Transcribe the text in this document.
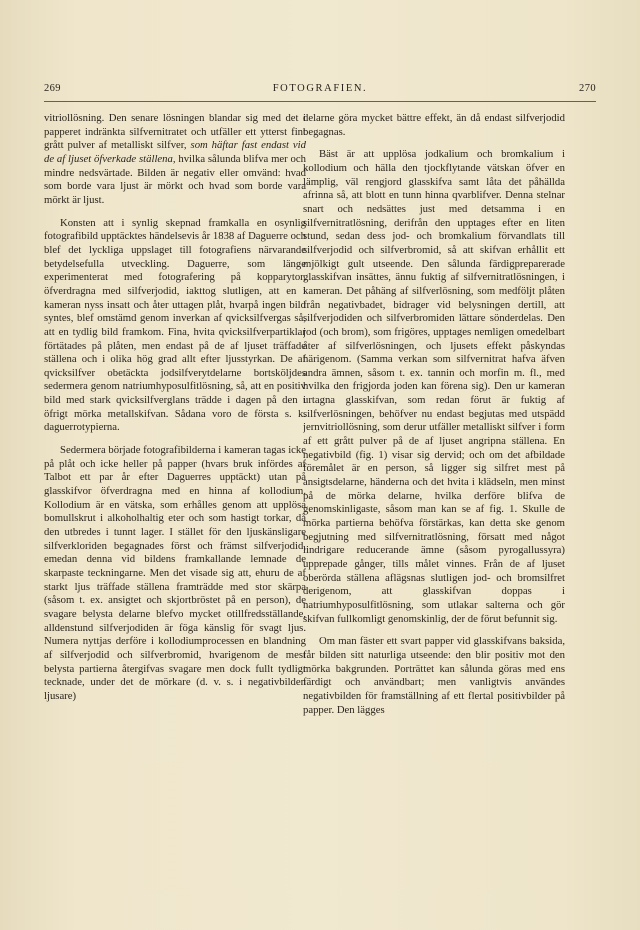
269	FOTOGRAFIEN.	270

vitriollösning. Den senare lösningen blandar sig med det i papperet indränkta silfvernitratet och utfäller ett ytterst fint grått pulver af metalliskt silfver, som häftar fast endast vid de af ljuset öfverkade ställena, hvilka sålunda blifva mer och mindre nedsvärtade. Bilden är negativ eller omvänd: hvad som borde vara ljust är mörkt och hvad som borde vara mörkt är ljust.

Konsten att i synlig skepnad framkalla en osynlig fotografibild upptäcktes händelsevis år 1838 af Daguerre och blef det lyckliga uppslaget till fotografiens närvarande betydelsefulla utveckling. Daguerre, som länge experimenterat med fotografering på kopparytor, öfverdragna med silfverjodid, iakttog slutligen, att en i kameran nyss insatt och åter uttagen plåt, hvarpå ingen bild syntes, blef omstämd genom inverkan af qvicksilfvergas så, att en tydlig bild framkom. Fina, hvita qvicksilfverpartiklar förtätades på plåten, men endast på de af ljuset träffade ställena och i olika hög grad allt efter ljusstyrkan. De af qvicksilfver obetäckta jodsilfverytdelarne bortsköljdes sedermera genom natriumhyposulfitlösning, så, att en positiv bild med stark qvicksilfverglans trädde i dagen på den i öfrigt mörka metallskifvan. Sådana voro de första s. k. daguerrotypierna.

Sedermera började fotografibilderna i kameran tagas icke på plåt och icke heller på papper (hvars bruk infördes af Talbot ett par år efter Daguerres upptäckt) utan på glasskifvor öfverdragna med en hinna af kollodium. Kollodium är en vätska, som erhålles genom att upplösa bomullskrut i alkoholhaltig eter och som hastigt torkar, då den utbredes i tunnt lager. I stället för den ljuskänsligare silfverkloriden begagnades först och främst silfverjodid, emedan denna vid bildens framkallande lemnade de skarpaste teckningarne. Men det visade sig att, ehuru de af starkt ljus träffade ställena framträdde med stor skärpa (såsom t. ex. ansigtet och skjortbröstet på en person), de svagare belysta delarne blefvo mycket otillfredsställande, alldenstund silfverjodiden är föga känslig för svagt ljus. Numera nyttjas derföre i kollodiumprocessen en blandning af silfverjodid och silfverbromid, hvarigenom de mest belysta partierna återgifvas svagare men dock fullt tydligt tecknade, under det de mörkare (d. v. s. i negativbilden ljusare)

delarne göra mycket bättre effekt, än då endast silfverjodid begagnas.

Bäst är att upplösa jodkalium och bromkalium i kollodium och hälla den tjockflytande vätskan öfver en lämplig, väl rengjord glasskifva samt låta det påhällda afrinna så, att blott en tunn hinna qvarblifver. Denna stelnar snart och nedsättes just med detsamma i en silfvernitratlösning, derifrån den upptages efter en liten stund, sedan dess jod- och bromkalium förvandlats till silfverjodid och silfverbromid, så att skifvan erhållit ett mjölkigt gult utseende. Den sålunda färdigpreparerade glasskifvan insättes, ännu fuktig af silfvernitratlösningen, i kameran. Det påhäng af silfverlösning, som medföljt plåten från negativbadet, bidrager vid belysningen dertill, att silfverjodiden och silfverbromiden lättare sönderdelas. Den jod (och brom), som frigöres, upptages nemligen omedelbart åter af silfverlösningen, och ljusets effekt påskyndas härigenom. (Samma verkan som silfvernitrat hafva äfven andra ämnen, såsom t. ex. tannin och morfin m. fl., med hvilka den frigjorda joden kan förena sig). Den ur kameran urtagna glasskifvan, som redan förut är fuktig af silfverlösningen, behöfver nu endast begjutas med utspädd jernvitriollösning, som derur utfäller metalliskt silfver i form af ett grått pulver på de af ljuset angripna ställena. En negativbild (fig. 1) visar sig dervid; och om det afbildade föremålet är en person, så ligger sig silfret mest på ansigtsdelarne, händerna och det hvita i klädseln, men minst på de mörka delarne, hvilka derföre blifva de genomskinligaste, såsom man kan se af fig. 1. Skulle de mörka partierna behöfva förstärkas, kan detta ske genom begjutning med silfvernitratlösning, försatt med något lindrigare reducerande ämne (såsom pyrogallussyra) upprepade gånger, tills målet vinnes. Från de af ljuset oberörda ställena aflägsnas slutligen jod- och bromsilfret derigenom, att glasskifvan doppas i natriumhyposulfitlösning, som utlakar salterna och gör skifvan fullkomligt genomskinlig, der de förut befunnit sig.

Om man fäster ett svart papper vid glasskifvans baksida, får bilden sitt naturliga utseende: den blir positiv mot den mörka bakgrunden. Porträttet kan sålunda göras med ens färdigt och användbart; men vanligtvis användes negativbilden för framställning af ett flertal positivbilder på papper. Den lägges
